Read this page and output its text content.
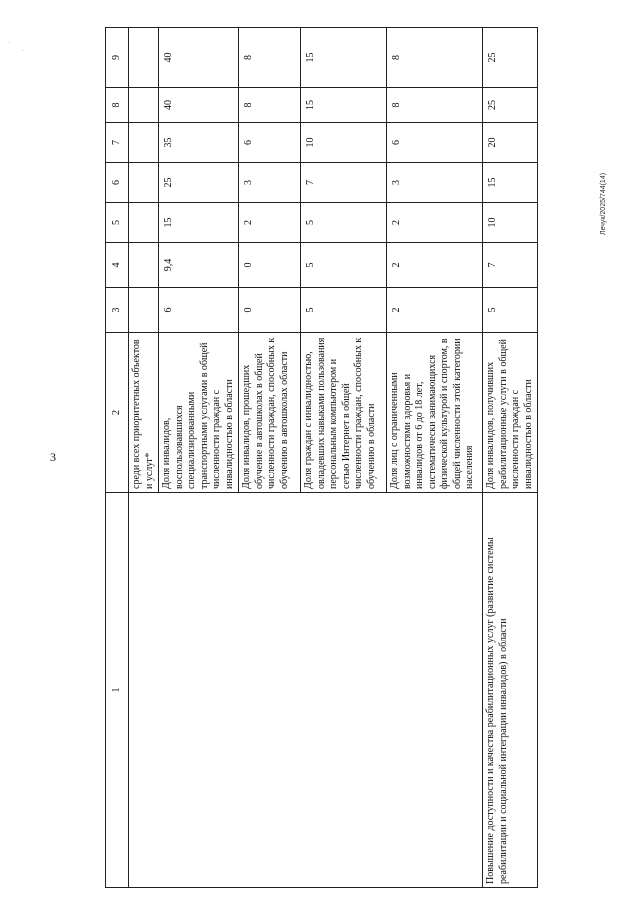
3
Лечук/2025/744(14)
·
·
1	2	3	4	5	6	7	8	9
	среди всех приоритетных объектов и услуг*							
	Доля инвалидов, воспользовавшихся специализированными транспортными услугами в общей численности граждан с инвалидностью в области	6	9,4	15	25	35	40	40
	Доля инвалидов, прошедших обучение в автошколах в общей численности граждан, способных к обучению в автошколах области	0	0	2	3	6	8	8
	Доля граждан с инвалидностью, овладевших навыками пользования персональным компьютером и сетью Интернет в общей численности граждан, способных к обучению в области	5	5	5	7	10	15	15
	Доля лиц с ограниченными возможностями здоровья и инвалидов от 6 до 18 лет, систематически занимающихся физической культурой и спортом, в общей численности этой категории населения	2	2	2	3	6	8	8
Повышение доступности и качества реабилитационных услуг (развитие системы реабилитации и социальной интеграции инвалидов) в области	Доля инвалидов, получивших реабилитационные услуги в общей численности граждан с инвалидностью в области	5	7	10	15	20	25	25
